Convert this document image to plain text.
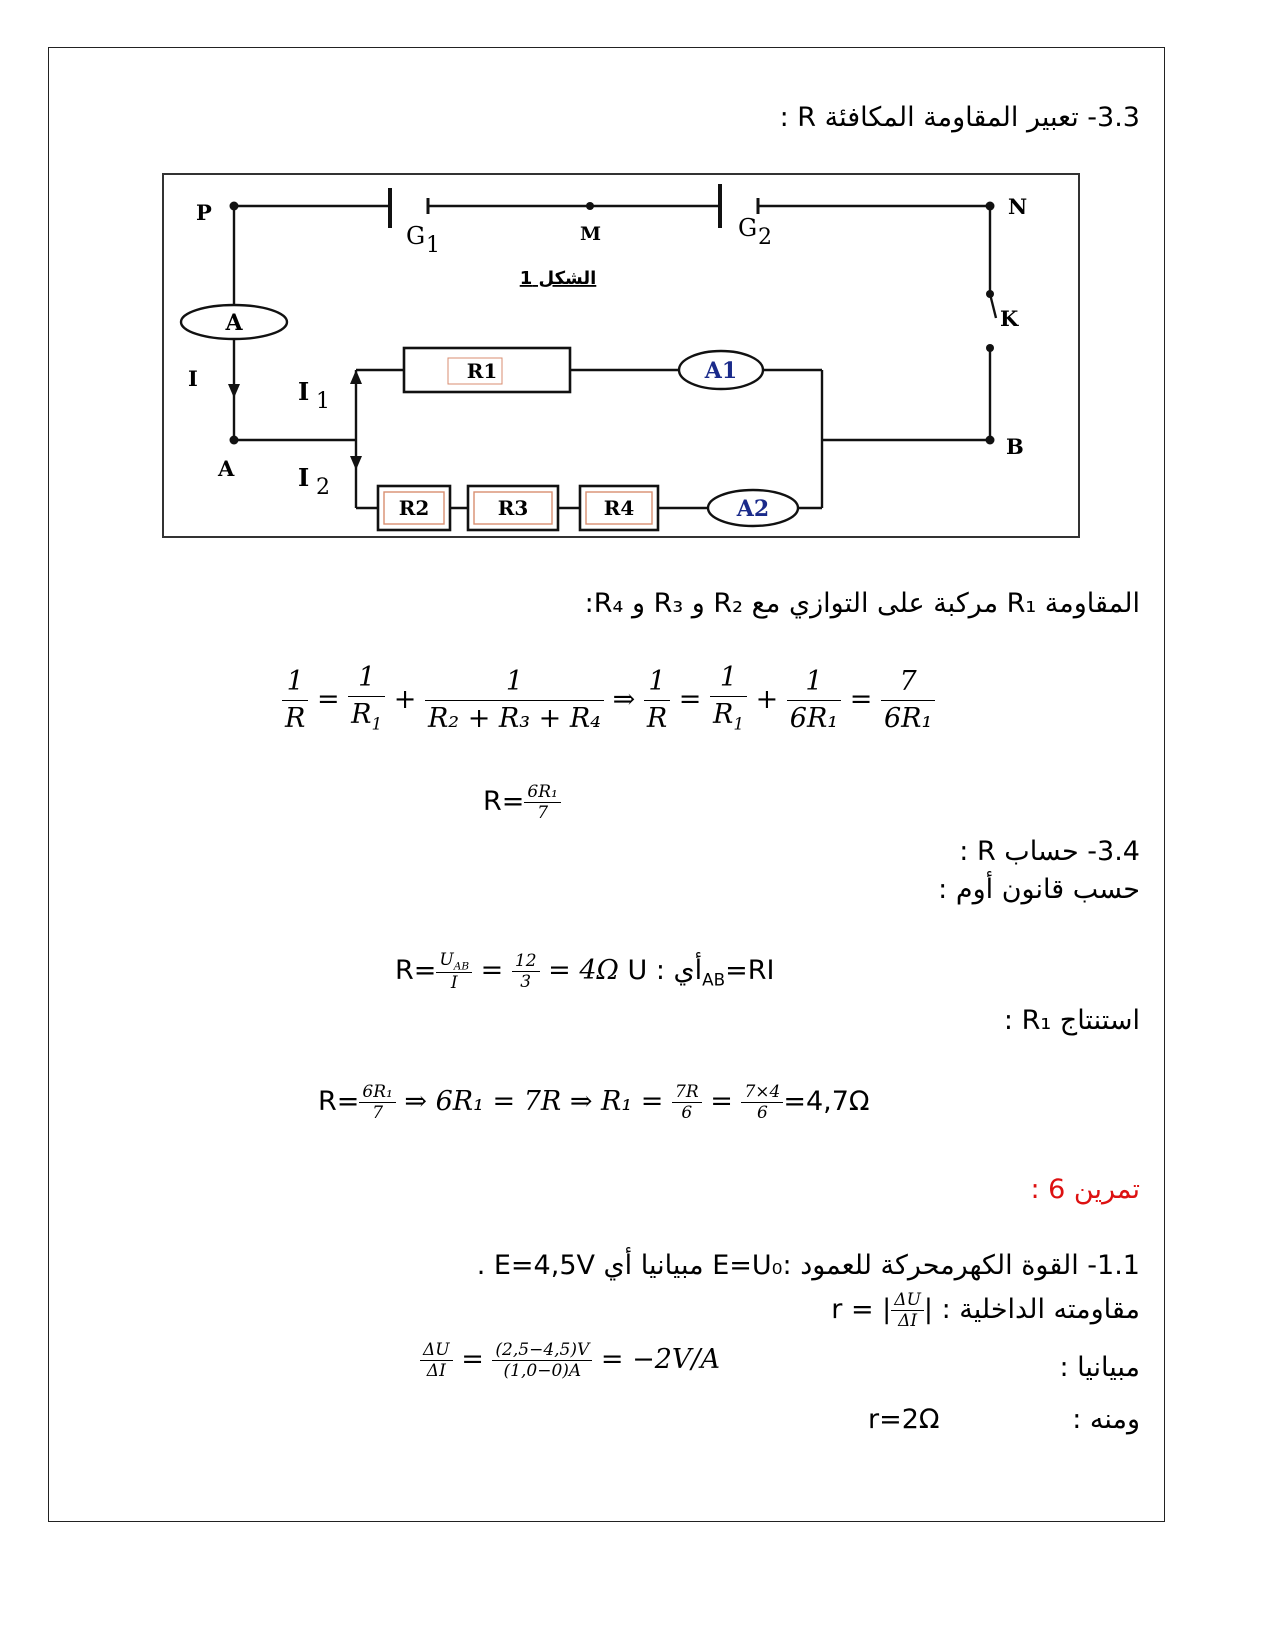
3.3- تعبير المقاومة المكافئة R :
A
A1
A2
R1
R2	R3	R4
P
M
N
K
A
B
I
G 1
G 2
I 1
I 2
الشكل 1
المقاومة R₁ مركبة على التوازي مع R₂ و R₃ و R₄:
$\frac{1}{R} = \frac{1}{R_1} + \frac{1}{\text{R₂ + R₃ + R₄}}$ ⇒ $\frac{1}{R} = \frac{1}{R_1} + \frac{1}{\text{6R₁}} = \frac{7}{\text{6R₁}}$
$R= \frac{\text{6R₁}}{7}$
3.4- حساب R :
حسب قانون أوم :
$R= \frac{U_{AB}}{I} = \frac{12}{3} = 4\Omega$ أي : $U_{AB}=RI$
استنتاج R₁ :
$R= \frac{\text{6R₁}}{7}$ ⇒ 6R₁ = 7R ⇒ $R_1 = \frac{7R}{6} = \frac{7\times 4}{6} =4,7\Omega$
تمرين 6 :
1.1- القوة الكهرمحركة للعمود :E=U₀ مبيانيا أي E=4,5V .
مقاومته الداخلية : r = | $\frac{\Delta U}{\Delta I}$ |
مبيانيا :
$\frac{\Delta U}{\Delta I} = \frac{(2,5-4,5)V}{(1,0-0)A} = -2V/A$
ومنه :
r=2Ω
